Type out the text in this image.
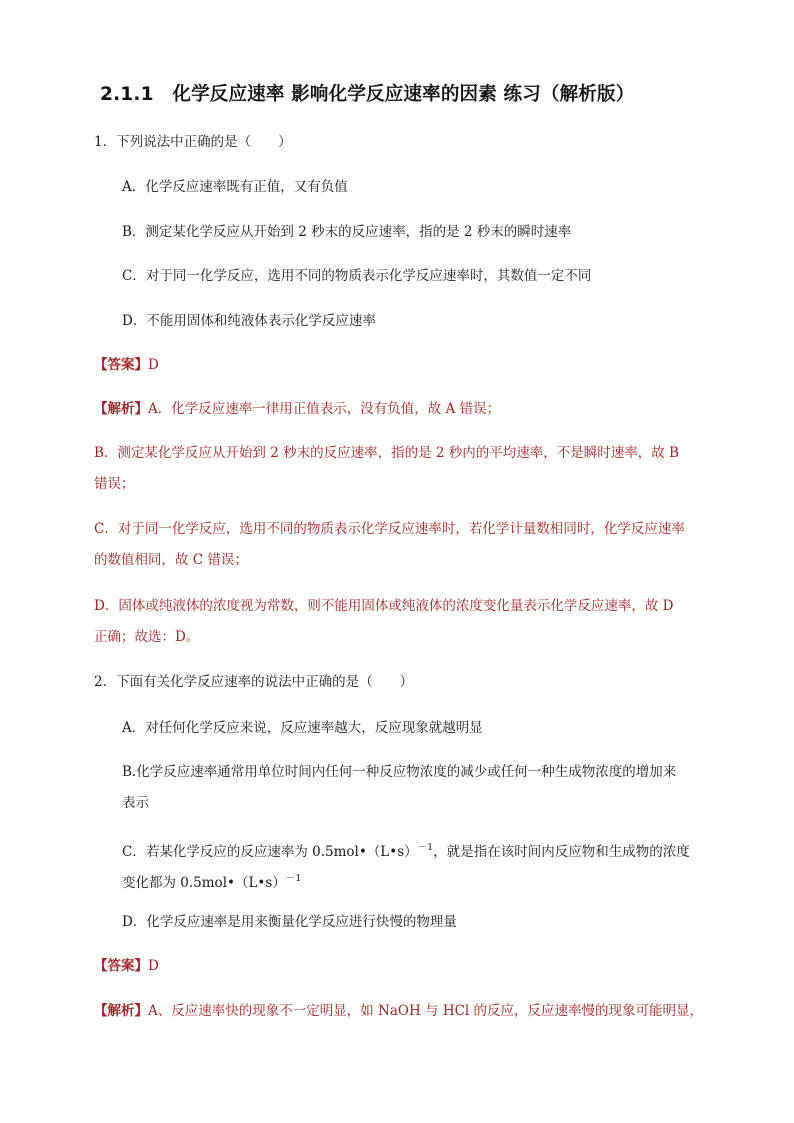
2.1.1　化学反应速率 影响化学反应速率的因素 练习（解析版）
1．下列说法中正确的是（　　）
A．化学反应速率既有正值，又有负值
B．测定某化学反应从开始到 2 秒末的反应速率，指的是 2 秒末的瞬时速率
C．对于同一化学反应，选用不同的物质表示化学反应速率时，其数值一定不同
D．不能用固体和纯液体表示化学反应速率
【答案】D
【解析】A．化学反应速率一律用正值表示，没有负值，故 A 错误；
B．测定某化学反应从开始到 2 秒末的反应速率，指的是 2 秒内的平均速率，不是瞬时速率，故 B
错误；
C．对于同一化学反应，选用不同的物质表示化学反应速率时，若化学计量数相同时，化学反应速率
的数值相同，故 C 错误；
D．固体或纯液体的浓度视为常数，则不能用固体或纯液体的浓度变化量表示化学反应速率，故 D
正确；故选：D。
2．下面有关化学反应速率的说法中正确的是（　　）
A．对任何化学反应来说，反应速率越大，反应现象就越明显
B.化学反应速率通常用单位时间内任何一种反应物浓度的减少或任何一种生成物浓度的增加来
表示
C．若某化学反应的反应速率为 0.5mol•（L•s）$^{-1}$，就是指在该时间内反应物和生成物的浓度
变化都为 0.5mol•（L•s）$^{-1}$
D．化学反应速率是用来衡量化学反应进行快慢的物理量
【答案】D
【解析】A、反应速率快的现象不一定明显，如 NaOH 与 HCl 的反应，反应速率慢的现象可能明显，
